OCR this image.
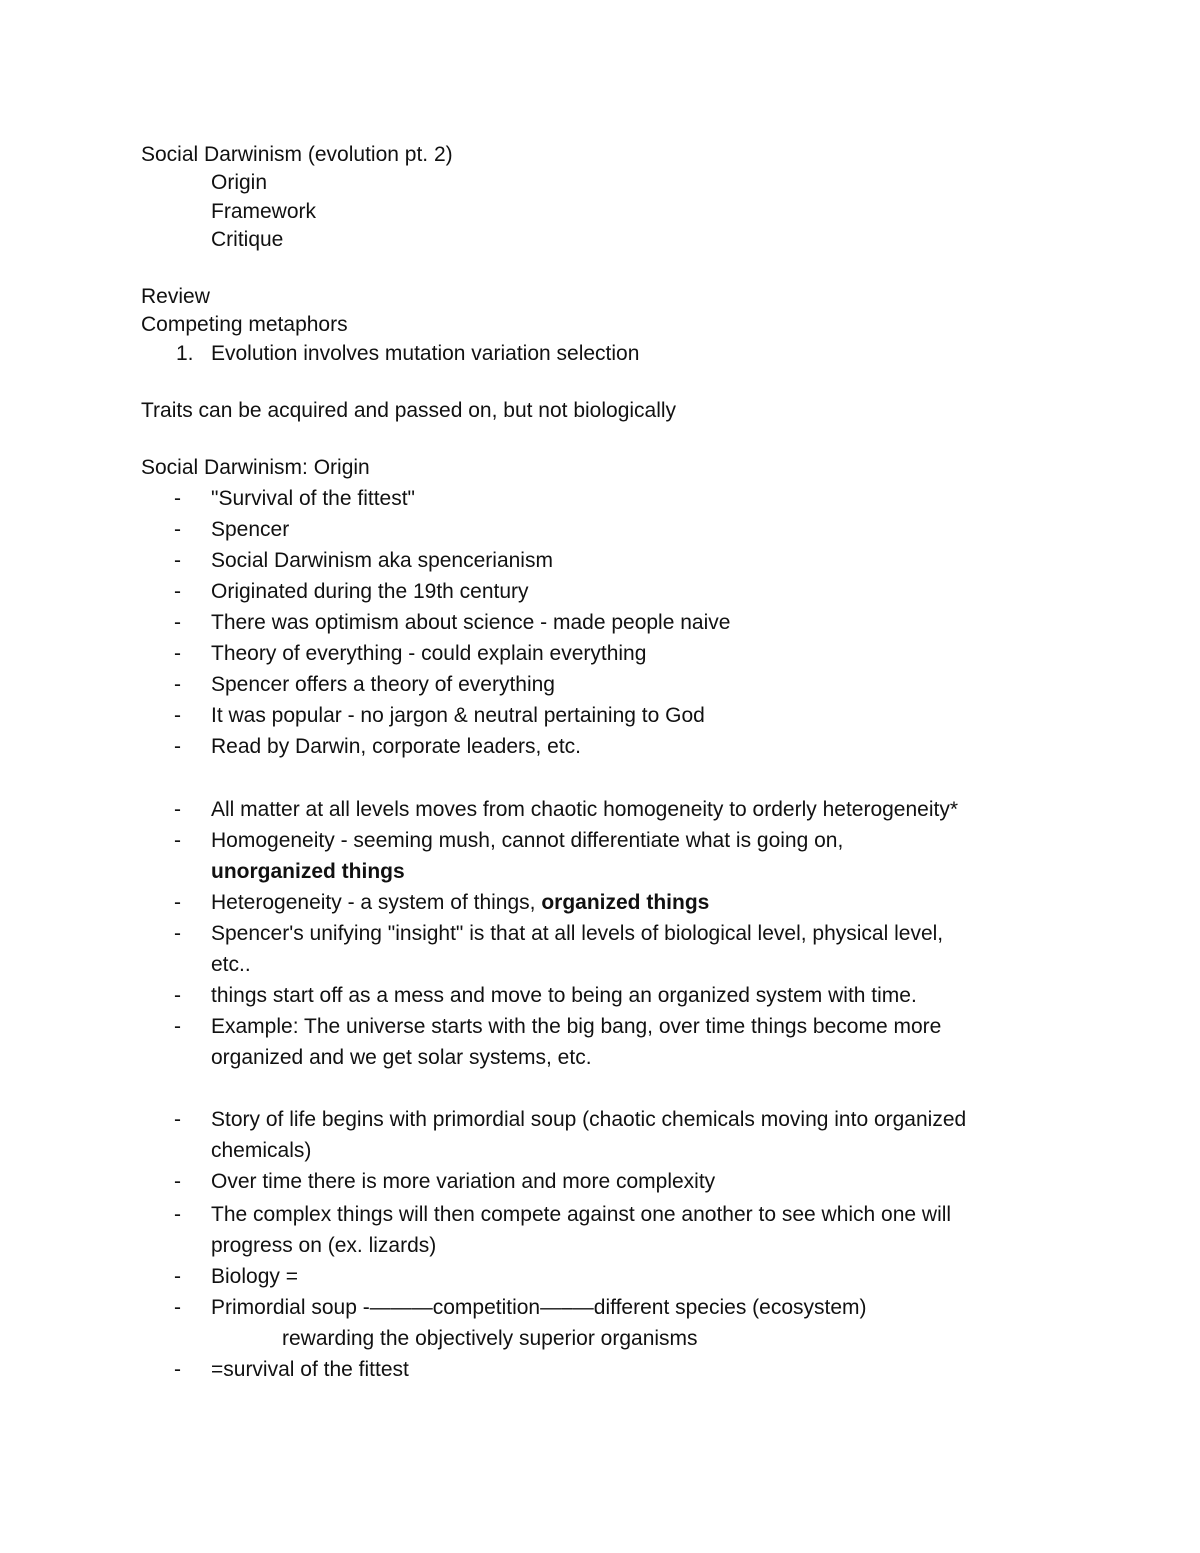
Social Darwinism (evolution pt. 2)
Origin
Framework
Critique
Review
Competing metaphors
1. Evolution involves mutation variation selection
Traits can be acquired and passed on, but not biologically
Social Darwinism: Origin
- "Survival of the fittest"
- Spencer
- Social Darwinism aka spencerianism
- Originated during the 19th century
- There was optimism about science - made people naive
- Theory of everything - could explain everything
- Spencer offers a theory of everything
- It was popular - no jargon & neutral pertaining to God
- Read by Darwin, corporate leaders, etc.
- All matter at all levels moves from chaotic homogeneity to orderly heterogeneity*
- Homogeneity - seeming mush, cannot differentiate what is going on,
unorganized things
- Heterogeneity - a system of things, organized things
- Spencer's unifying "insight" is that at all levels of biological level, physical level,
etc..
- things start off as a mess and move to being an organized system with time.
- Example: The universe starts with the big bang, over time things become more
organized and we get solar systems, etc.
- Story of life begins with primordial soup (chaotic chemicals moving into organized
chemicals)
- Over time there is more variation and more complexity
- The complex things will then compete against one another to see which one will
progress on (ex. lizards)
- Biology =
- Primordial soup -———competition—–—different species (ecosystem)
rewarding the objectively superior organisms
- =survival of the fittest
